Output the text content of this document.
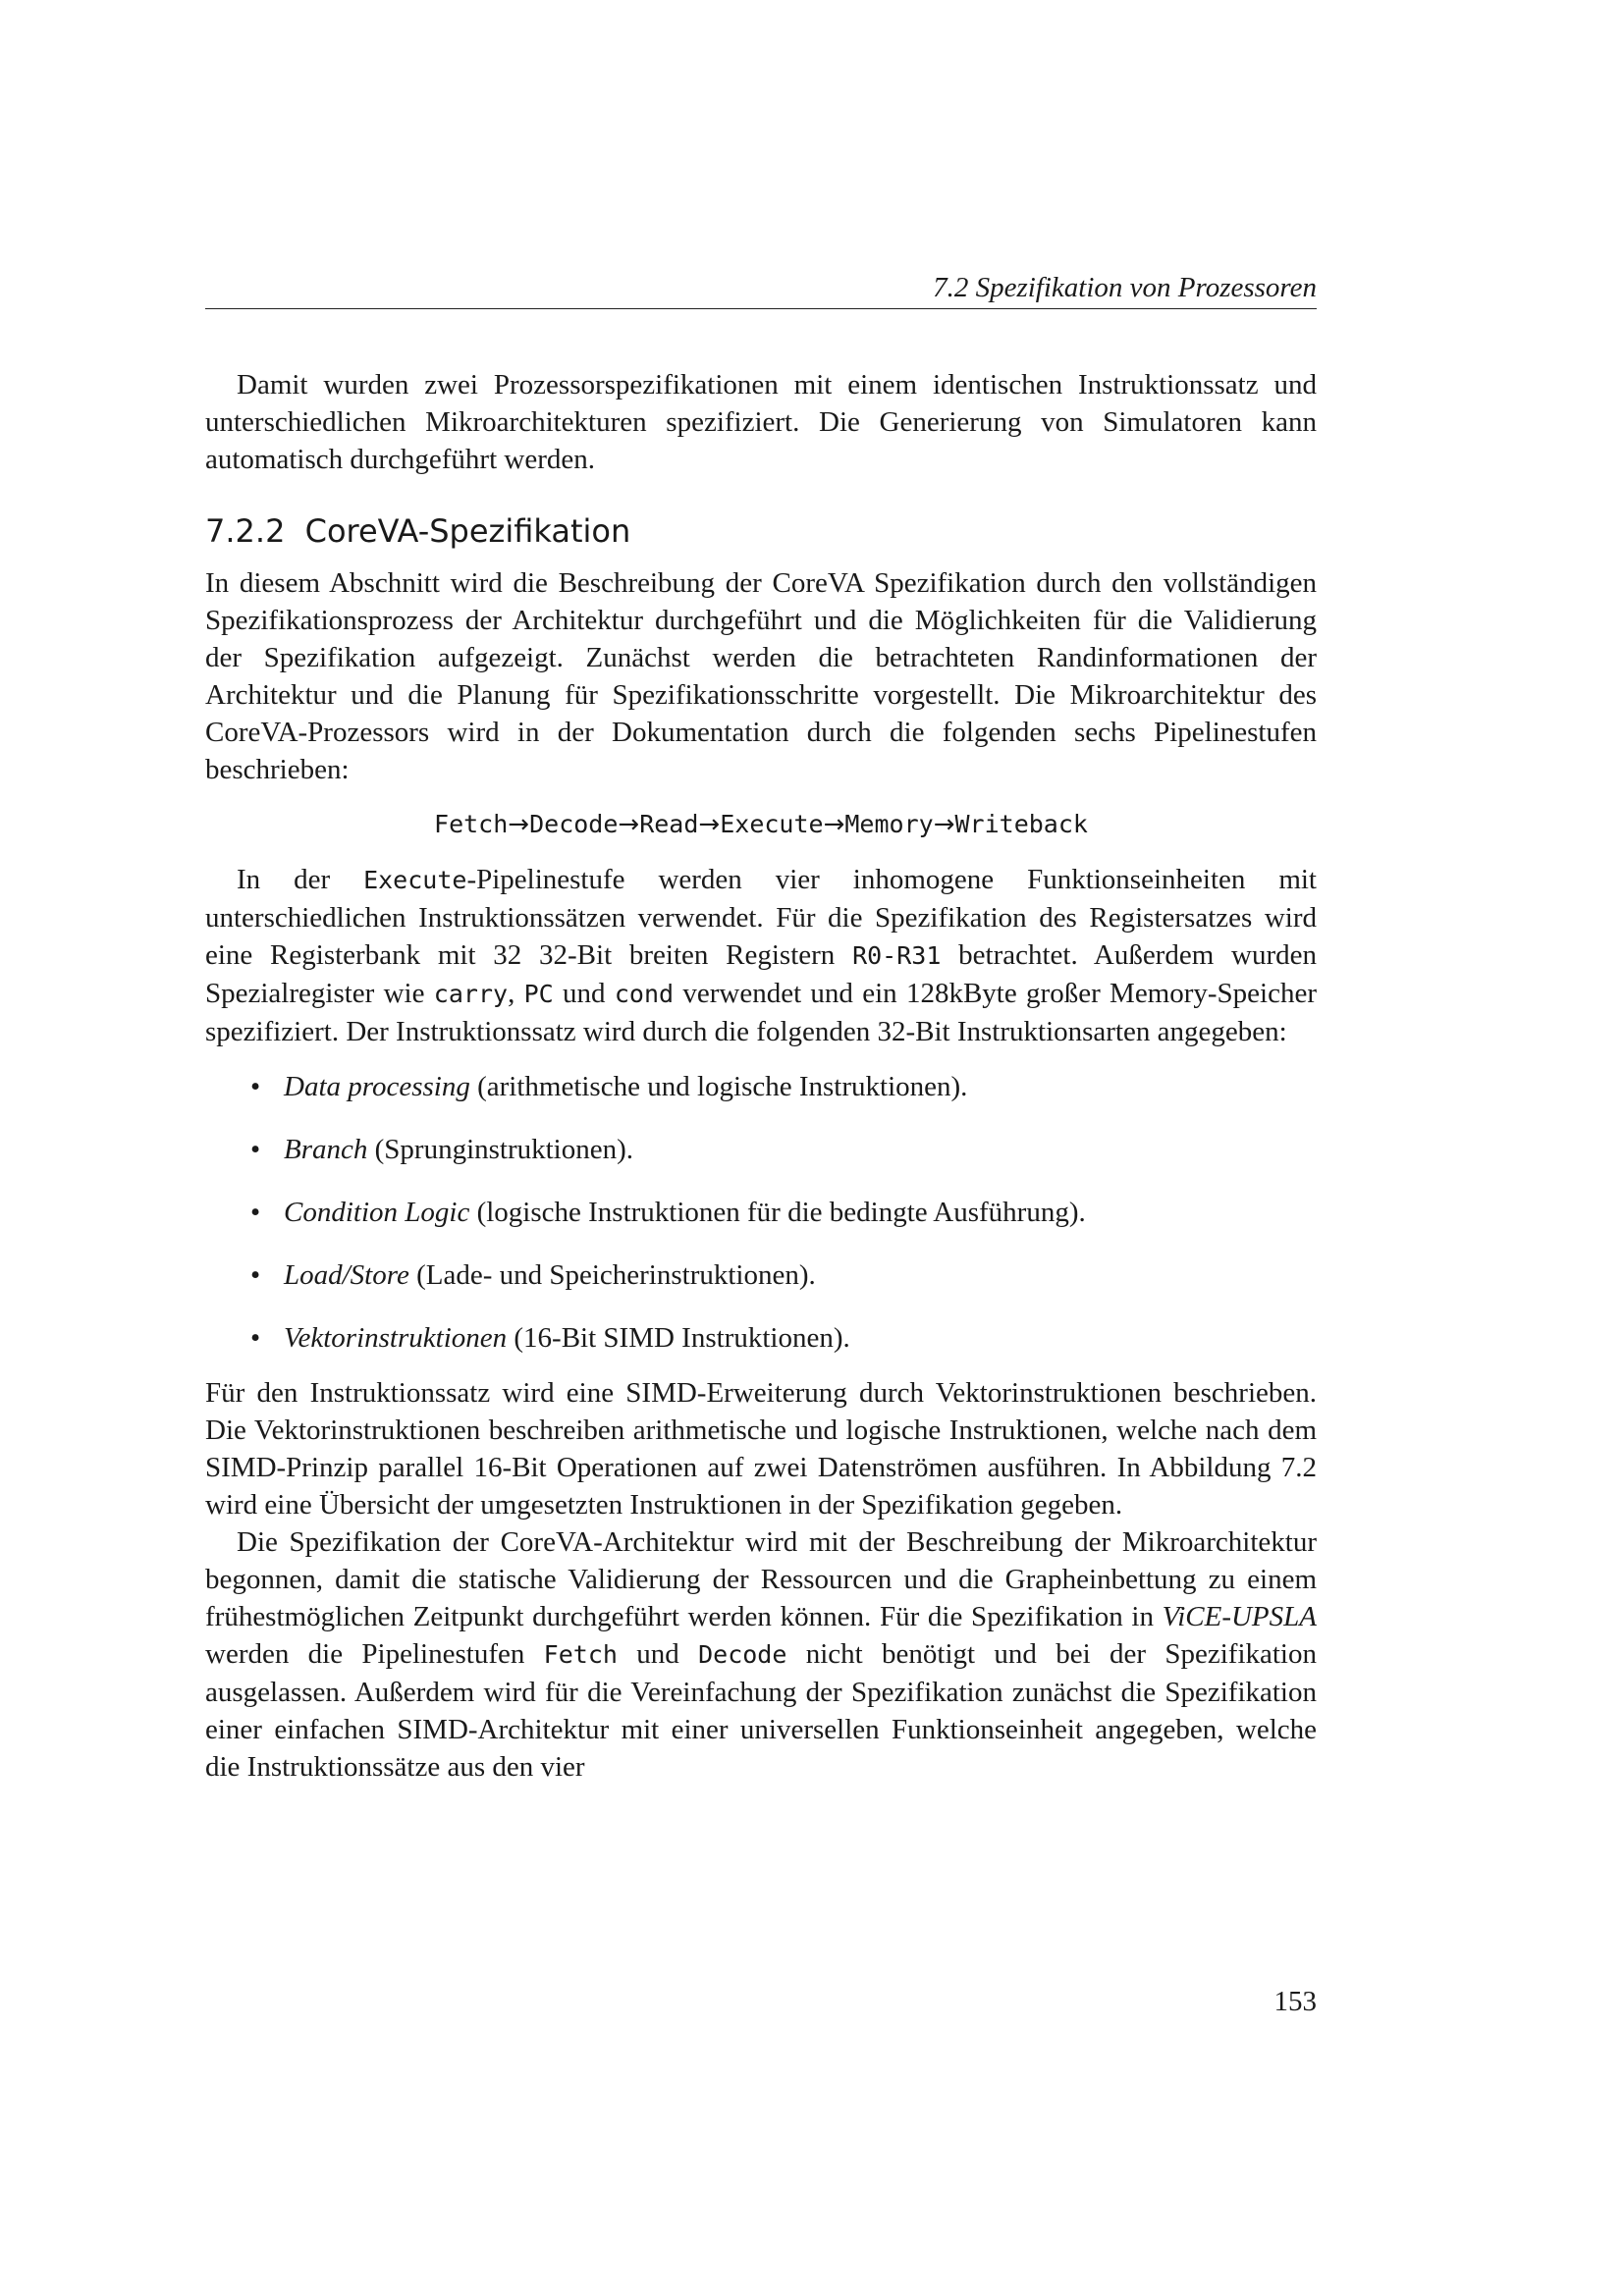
7.2 Spezifikation von Prozessoren

Damit wurden zwei Prozessorspezifikationen mit einem identischen Instruktionssatz und unterschiedlichen Mikroarchitekturen spezifiziert. Die Generierung von Simulatoren kann automatisch durchgeführt werden.

7.2.2 CoreVA-Spezifikation

In diesem Abschnitt wird die Beschreibung der CoreVA Spezifikation durch den vollständigen Spezifikationsprozess der Architektur durchgeführt und die Möglichkeiten für die Validierung der Spezifikation aufgezeigt. Zunächst werden die betrachteten Randinformationen der Architektur und die Planung für Spezifikationsschritte vorgestellt. Die Mikroarchitektur des CoreVA-Prozessors wird in der Dokumentation durch die folgenden sechs Pipelinestufen beschrieben:

Fetch→Decode→Read→Execute→Memory→Writeback

In der Execute-Pipelinestufe werden vier inhomogene Funktionseinheiten mit unterschiedlichen Instruktionssätzen verwendet. Für die Spezifikation des Registersatzes wird eine Registerbank mit 32 32-Bit breiten Registern R0-R31 betrachtet. Außerdem wurden Spezialregister wie carry, PC und cond verwendet und ein 128kByte großer Memory-Speicher spezifiziert. Der Instruktionssatz wird durch die folgenden 32-Bit Instruktionsarten angegeben:

• Data processing (arithmetische und logische Instruktionen).
• Branch (Sprunginstruktionen).
• Condition Logic (logische Instruktionen für die bedingte Ausführung).
• Load/Store (Lade- und Speicherinstruktionen).
• Vektorinstruktionen (16-Bit SIMD Instruktionen).

Für den Instruktionssatz wird eine SIMD-Erweiterung durch Vektorinstruktionen beschrieben. Die Vektorinstruktionen beschreiben arithmetische und logische Instruktionen, welche nach dem SIMD-Prinzip parallel 16-Bit Operationen auf zwei Datenströmen ausführen. In Abbildung 7.2 wird eine Übersicht der umgesetzten Instruktionen in der Spezifikation gegeben.

Die Spezifikation der CoreVA-Architektur wird mit der Beschreibung der Mikroarchitektur begonnen, damit die statische Validierung der Ressourcen und die Grapheinbettung zu einem frühestmöglichen Zeitpunkt durchgeführt werden können. Für die Spezifikation in ViCE-UPSLA werden die Pipelinestufen Fetch und Decode nicht benötigt und bei der Spezifikation ausgelassen. Außerdem wird für die Vereinfachung der Spezifikation zunächst die Spezifikation einer einfachen SIMD-Architektur mit einer universellen Funktionseinheit angegeben, welche die Instruktionssätze aus den vier

153
